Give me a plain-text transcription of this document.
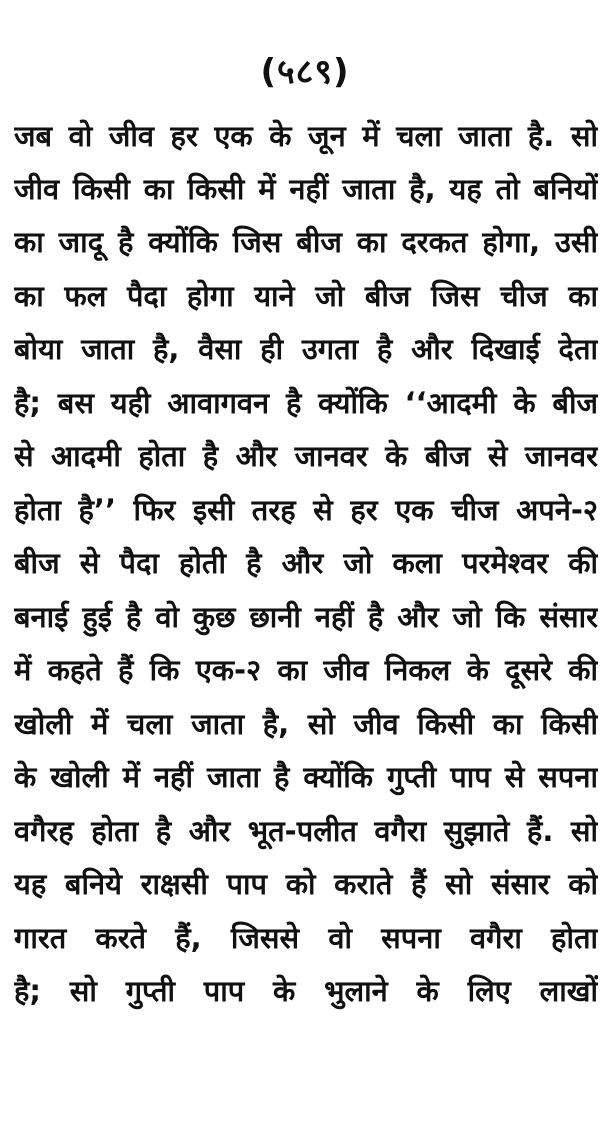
(५८९)
जब वो जीव हर एक के जून में चला जाता है. सो
जीव किसी का किसी में नहीं जाता है, यह तो बनियों
का जादू है क्योंकि जिस बीज का दरकत होगा, उसी
का फल पैदा होगा याने जो बीज जिस चीज का
बोया जाता है, वैसा ही उगता है और दिखाई देता
है; बस यही आवागवन है क्योंकि ‘‘आदमी के बीज
से आदमी होता है और जानवर के बीज से जानवर
होता है’’ फिर इसी तरह से हर एक चीज अपने-२
बीज से पैदा होती है और जो कला परमेश्वर की
बनाई हुई है वो कुछ छानी नहीं है और जो कि संसार
में कहते हैं कि एक-२ का जीव निकल के दूसरे की
खोली में चला जाता है, सो जीव किसी का किसी
के खोली में नहीं जाता है क्योंकि गुप्ती पाप से सपना
वगैरह होता है और भूत-पलीत वगैरा सुझाते हैं. सो
यह बनिये राक्षसी पाप को कराते हैं सो संसार को
गारत करते हैं, जिससे वो सपना वगैरा होता
है; सो गुप्ती पाप के भुलाने के लिए लाखों
